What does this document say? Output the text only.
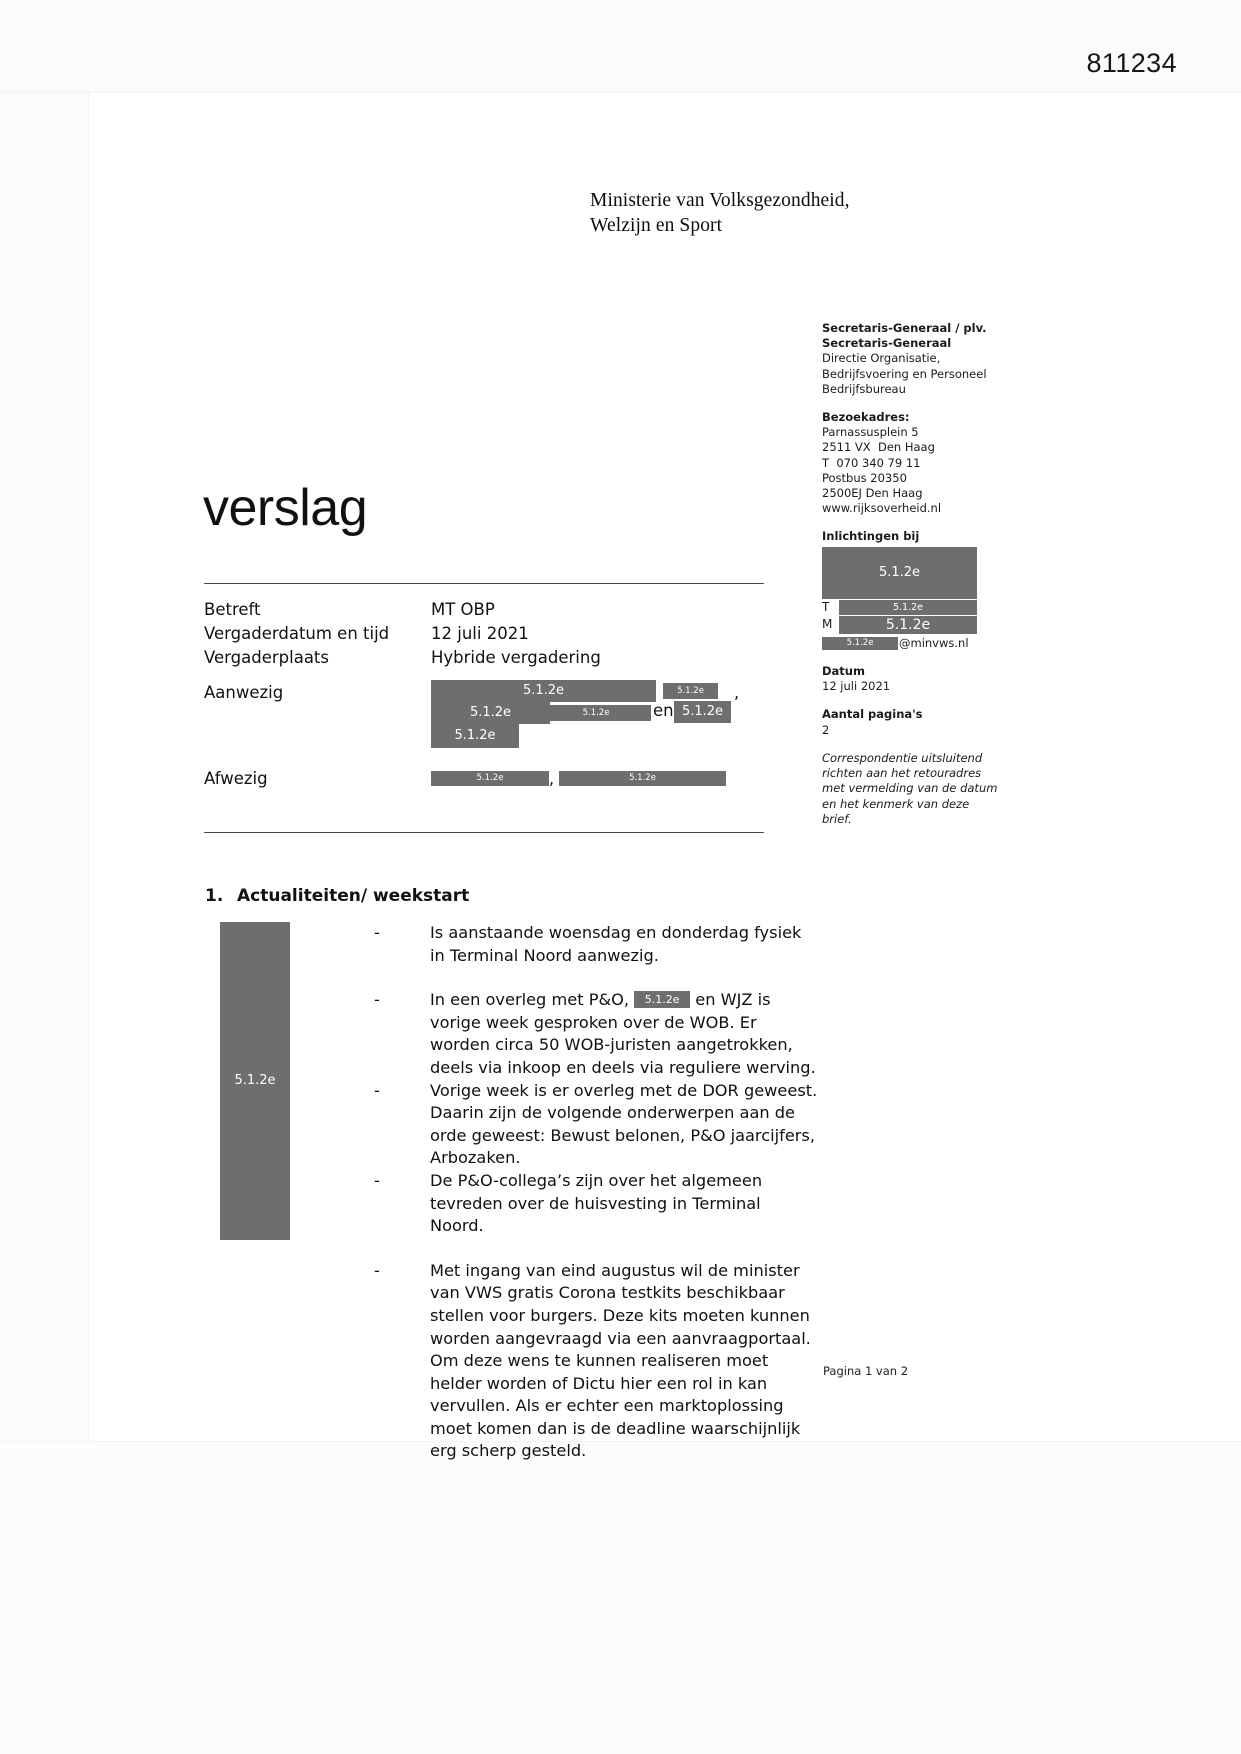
811234
Ministerie van Volksgezondheid,
Welzijn en Sport
Secretaris-Generaal / plv.
Secretaris-Generaal
Directie Organisatie,
Bedrijfsvoering en Personeel
Bedrijfsbureau
Bezoekadres:
Parnassusplein 5
2511 VX  Den Haag
T  070 340 79 11
Postbus 20350
2500EJ Den Haag
www.rijksoverheid.nl
Inlichtingen bij
5.1.2e
T	5.1.2e
M	5.1.2e
5.1.2e	@minvws.nl
Datum
12 juli 2021
Aantal pagina's
2
Correspondentie uitsluitend
richten aan het retouradres
met vermelding van de datum
en het kenmerk van deze
brief.
verslag
Betreft	MT OBP
Vergaderdatum en tijd	12 juli 2021
Vergaderplaats	Hybride vergadering
Aanwezig	5.1.2e	5.1.2e	,
5.1.2e	5.1.2e	en 5.1.2e
5.1.2e
Afwezig	5.1.2e	,	5.1.2e
1. Actualiteiten/ weekstart
5.1.2e
-	Is aanstaande woensdag en donderdag fysiek in Terminal Noord aanwezig.
-	In een overleg met P&O, 5.1.2e en WJZ is vorige week gesproken over de WOB. Er worden circa 50 WOB-juristen aangetrokken, deels via inkoop en deels via reguliere werving.
-	Vorige week is er overleg met de DOR geweest. Daarin zijn de volgende onderwerpen aan de orde geweest: Bewust belonen, P&O jaarcijfers, Arbozaken.
-	De P&O-collega’s zijn over het algemeen tevreden over de huisvesting in Terminal Noord.
-	Met ingang van eind augustus wil de minister van VWS gratis Corona testkits beschikbaar stellen voor burgers. Deze kits moeten kunnen worden aangevraagd via een aanvraagportaal. Om deze wens te kunnen realiseren moet helder worden of Dictu hier een rol in kan vervullen. Als er echter een marktoplossing moet komen dan is de deadline waarschijnlijk erg scherp gesteld.
Pagina 1 van 2
